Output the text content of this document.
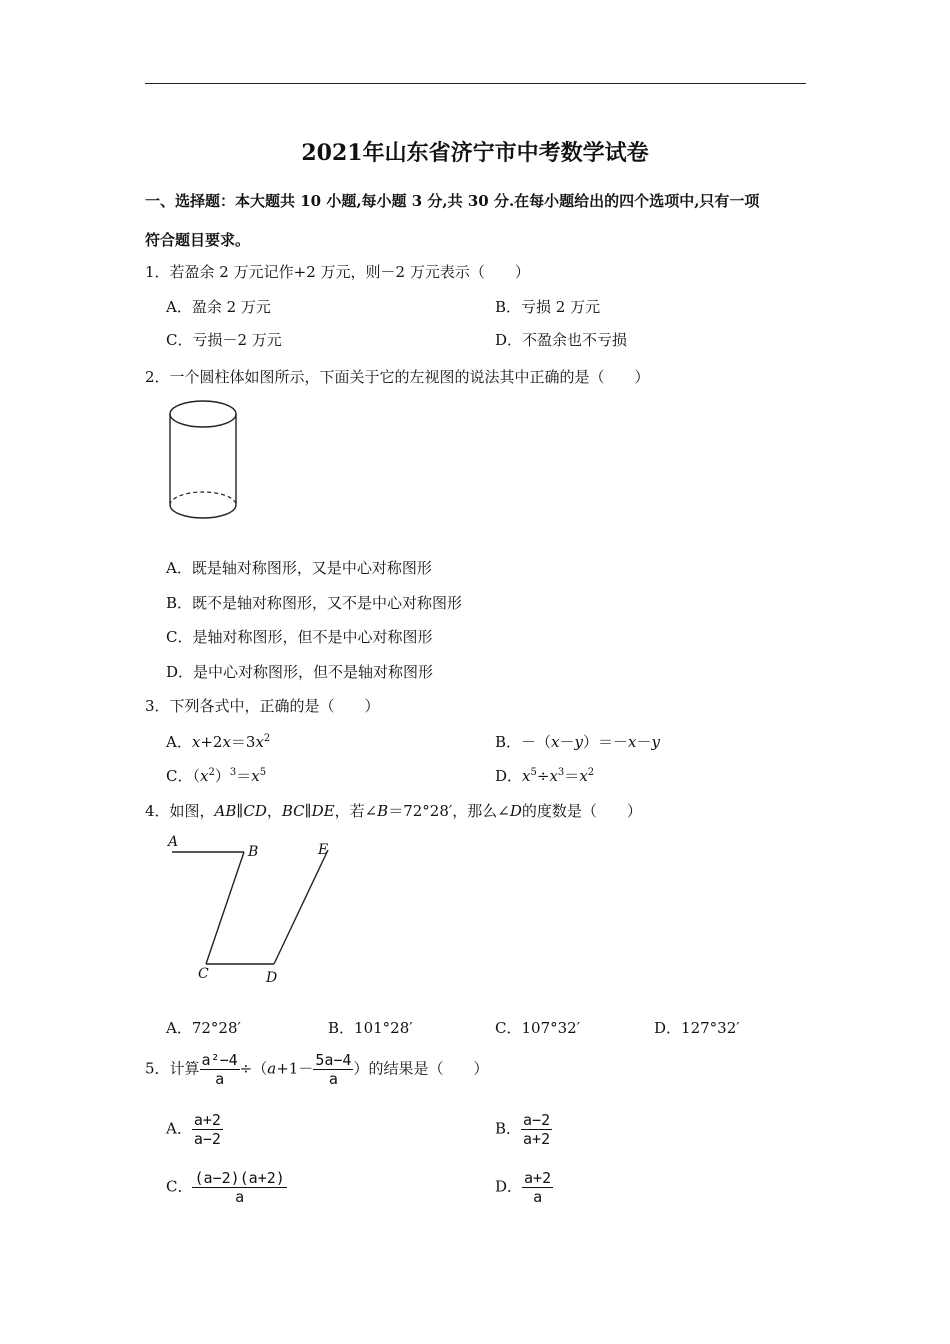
2021年山东省济宁市中考数学试卷
一、选择题：本大题共 10 小题,每小题 3 分,共 30 分.在每小题给出的四个选项中,只有一项
符合题目要求。
1．若盈余 2 万元记作+2 万元，则－2 万元表示（　　）
A．盈余 2 万元	B．亏损 2 万元
C．亏损－2 万元	D．不盈余也不亏损
2．一个圆柱体如图所示，下面关于它的左视图的说法其中正确的是（　　）
A．既是轴对称图形，又是中心对称图形
B．既不是轴对称图形，又不是中心对称图形
C．是轴对称图形，但不是中心对称图形
D．是中心对称图形，但不是轴对称图形
3．下列各式中，正确的是（　　）
A．$x+2x=3x^2$	B．－（x－y）＝－x－y
C．$(x^2)^3=x^5$	D．$x^5\div x^3=x^2$
4．如图，AB∥CD，BC∥DE，若∠B＝72°28′，那么∠D的度数是（　　）
A
B	E
C	D
A．72°28′	B．101°28′	C．107°32′	D．127°32′
5．计算 $\frac{\text{a²−4}}{a} \div(a+1- \frac{5a-4}{a}$ ）的结果是（　　）
A． $\frac{a+2}{a-2}$	B． $\frac{a-2}{a+2}$
C． $\frac{(a-2)(a+2)}{a}$	D． $\frac{a+2}{a}$
